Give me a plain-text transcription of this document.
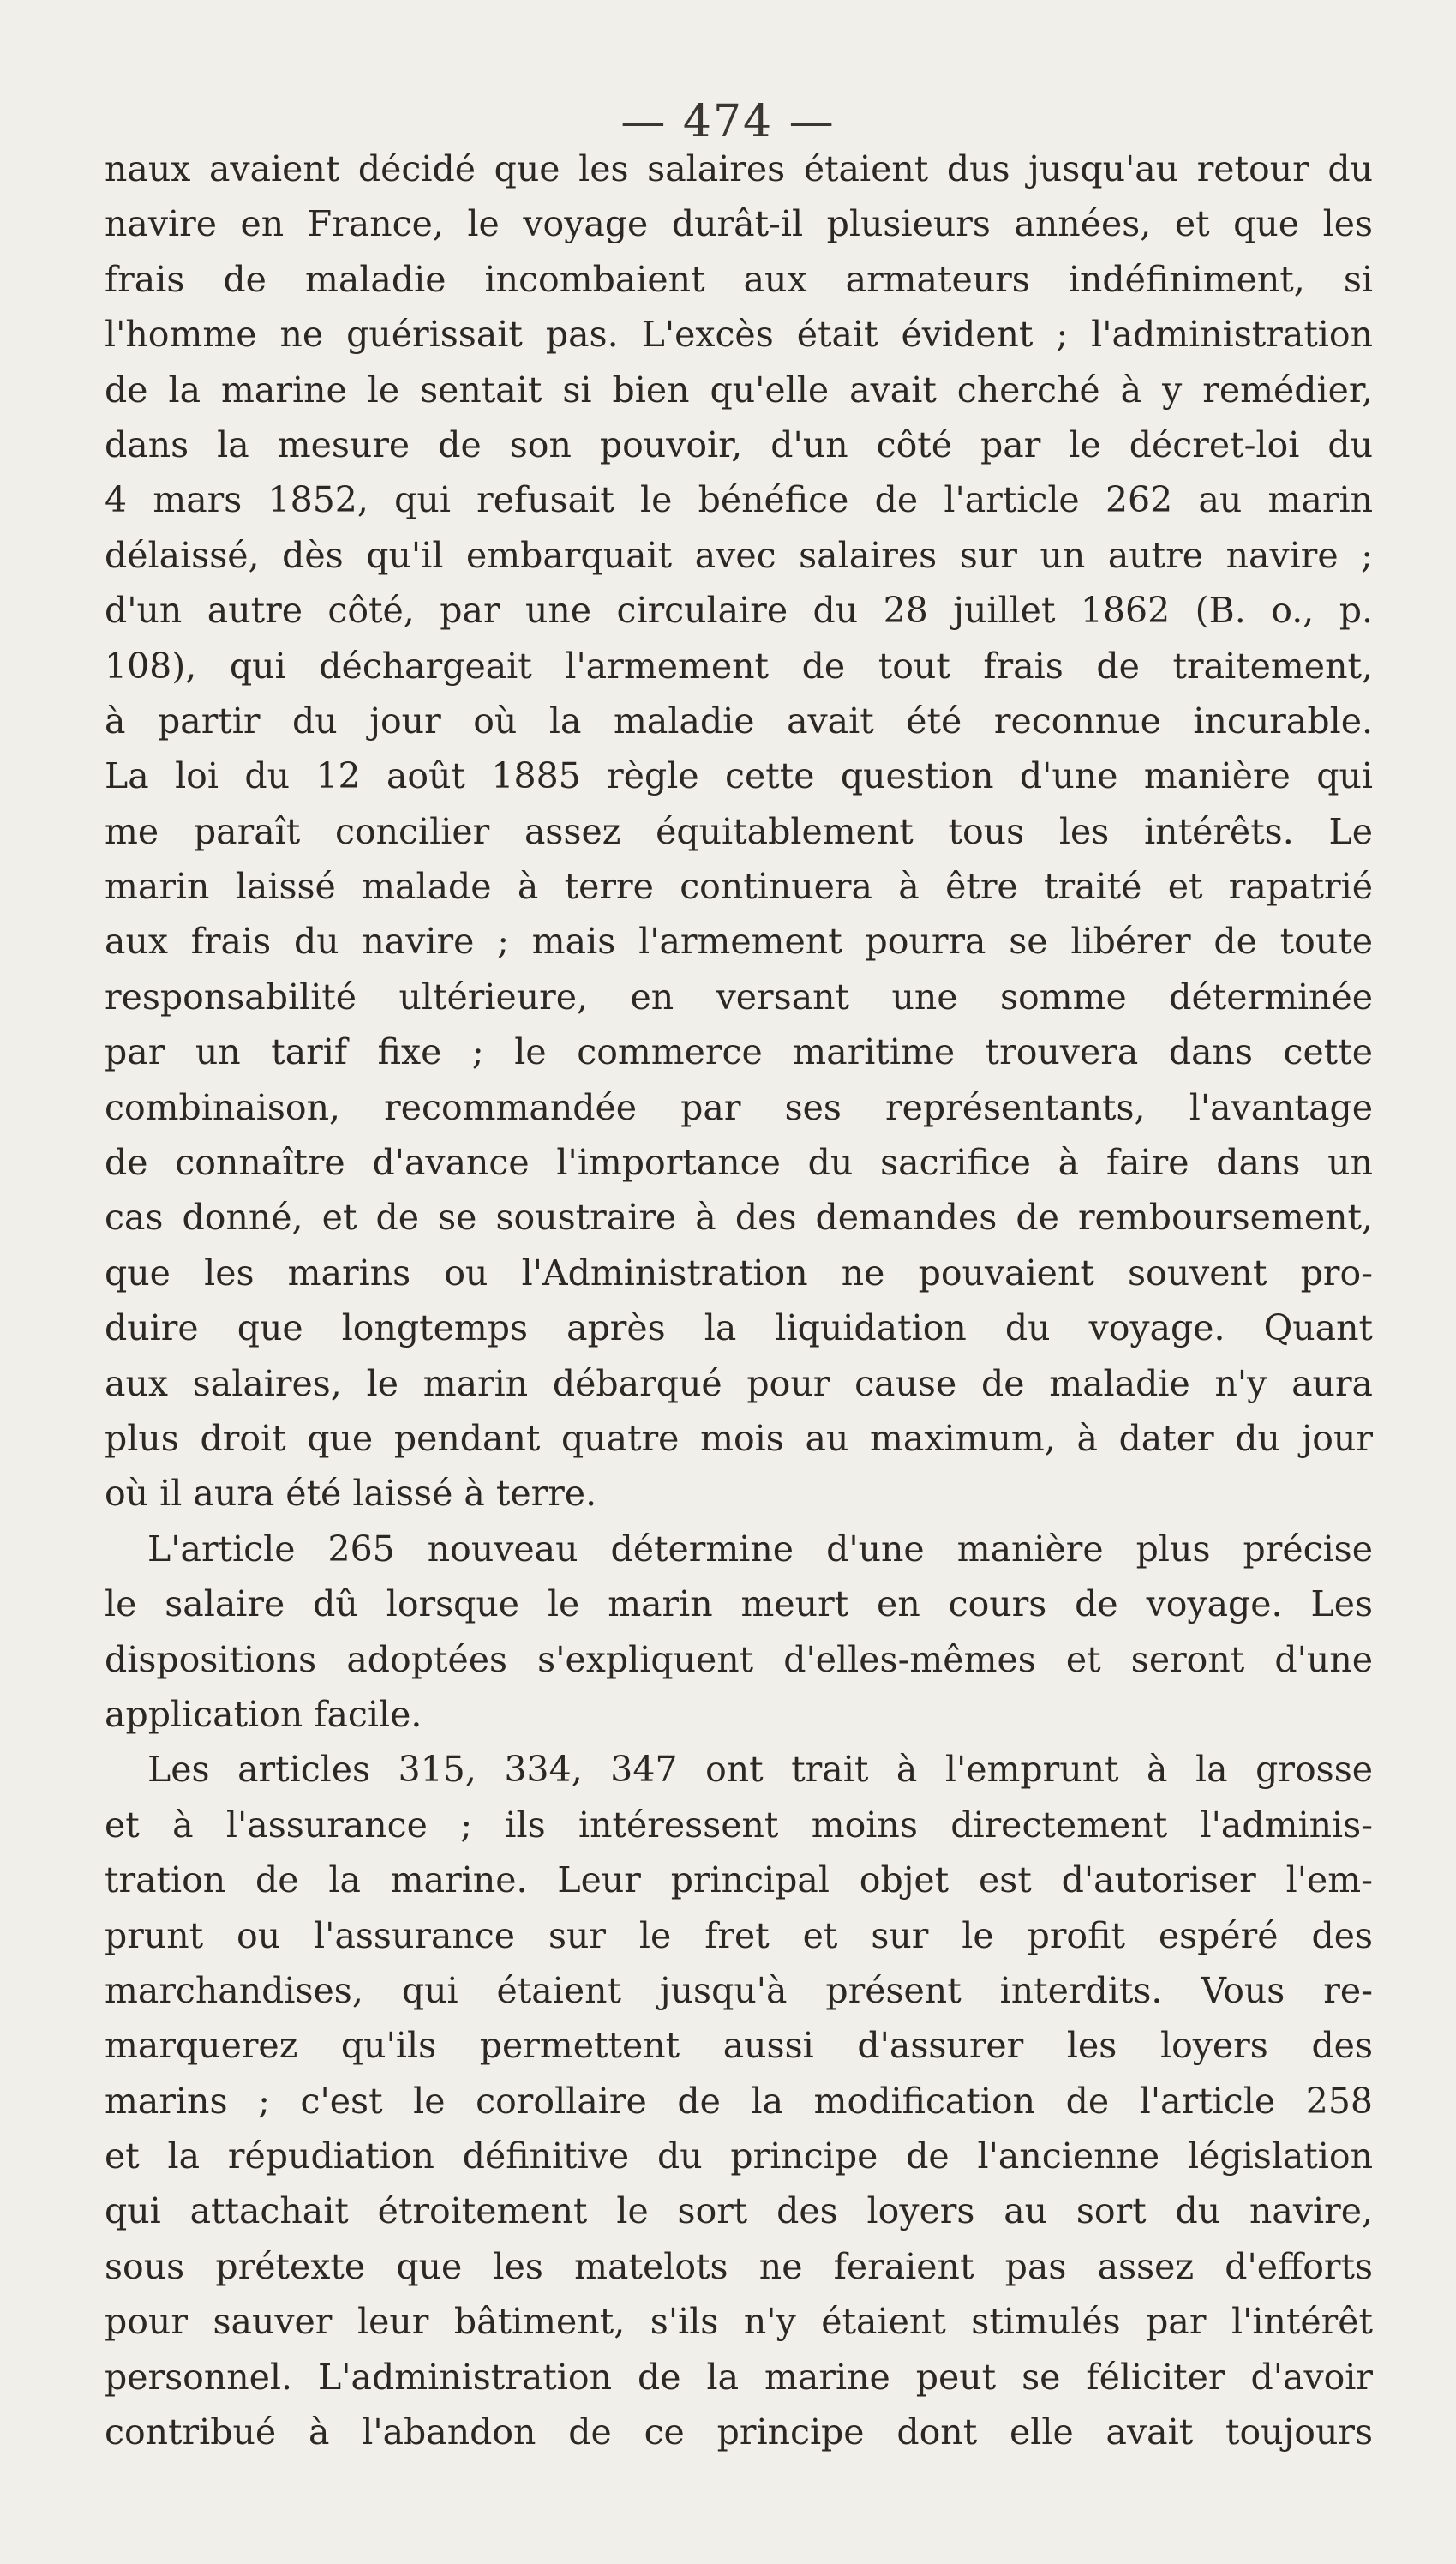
— 474 —
naux avaient décidé que les salaires étaient dus jusqu'au retour du
navire en France, le voyage durât-il plusieurs années, et que les
frais de maladie incombaient aux armateurs indéfiniment, si
l'homme ne guérissait pas. L'excès était évident ; l'administration
de la marine le sentait si bien qu'elle avait cherché à y remédier,
dans la mesure de son pouvoir, d'un côté par le décret-loi du
4 mars 1852, qui refusait le bénéfice de l'article 262 au marin
délaissé, dès qu'il embarquait avec salaires sur un autre navire ;
d'un autre côté, par une circulaire du 28 juillet 1862 (B. o., p.
108), qui déchargeait l'armement de tout frais de traitement,
à partir du jour où la maladie avait été reconnue incurable.
La loi du 12 août 1885 règle cette question d'une manière qui
me paraît concilier assez équitablement tous les intérêts. Le
marin laissé malade à terre continuera à être traité et rapatrié
aux frais du navire ; mais l'armement pourra se libérer de toute
responsabilité ultérieure, en versant une somme déterminée
par un tarif fixe ; le commerce maritime trouvera dans cette
combinaison, recommandée par ses représentants, l'avantage
de connaître d'avance l'importance du sacrifice à faire dans un
cas donné, et de se soustraire à des demandes de remboursement,
que les marins ou l'Administration ne pouvaient souvent pro-
duire que longtemps après la liquidation du voyage. Quant
aux salaires, le marin débarqué pour cause de maladie n'y aura
plus droit que pendant quatre mois au maximum, à dater du jour
où il aura été laissé à terre.
L'article 265 nouveau détermine d'une manière plus précise
le salaire dû lorsque le marin meurt en cours de voyage. Les
dispositions adoptées s'expliquent d'elles-mêmes et seront d'une
application facile.
Les articles 315, 334, 347 ont trait à l'emprunt à la grosse
et à l'assurance ; ils intéressent moins directement l'adminis-
tration de la marine. Leur principal objet est d'autoriser l'em-
prunt ou l'assurance sur le fret et sur le profit espéré des
marchandises, qui étaient jusqu'à présent interdits. Vous re-
marquerez qu'ils permettent aussi d'assurer les loyers des
marins ; c'est le corollaire de la modification de l'article 258
et la répudiation définitive du principe de l'ancienne législation
qui attachait étroitement le sort des loyers au sort du navire,
sous prétexte que les matelots ne feraient pas assez d'efforts
pour sauver leur bâtiment, s'ils n'y étaient stimulés par l'intérêt
personnel. L'administration de la marine peut se féliciter d'avoir
contribué à l'abandon de ce principe dont elle avait toujours
